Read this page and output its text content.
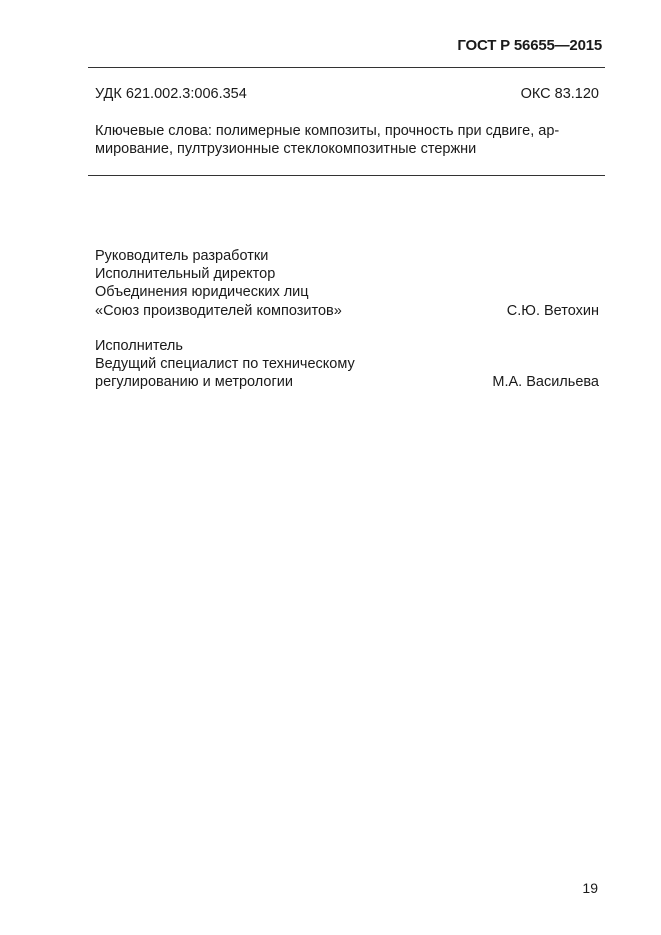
ГОСТ Р 56655—2015
УДК 621.002.3:006.354	ОКС 83.120
Ключевые слова: полимерные композиты, прочность при сдвиге, ар-
мирование, пултрузионные стеклокомпозитные стержни
Руководитель разработки
Исполнительный директор
Объединения юридических лиц
«Союз производителей композитов»	С.Ю. Ветохин
Исполнитель
Ведущий специалист по техническому
регулированию и метрологии	М.А. Васильева
19
